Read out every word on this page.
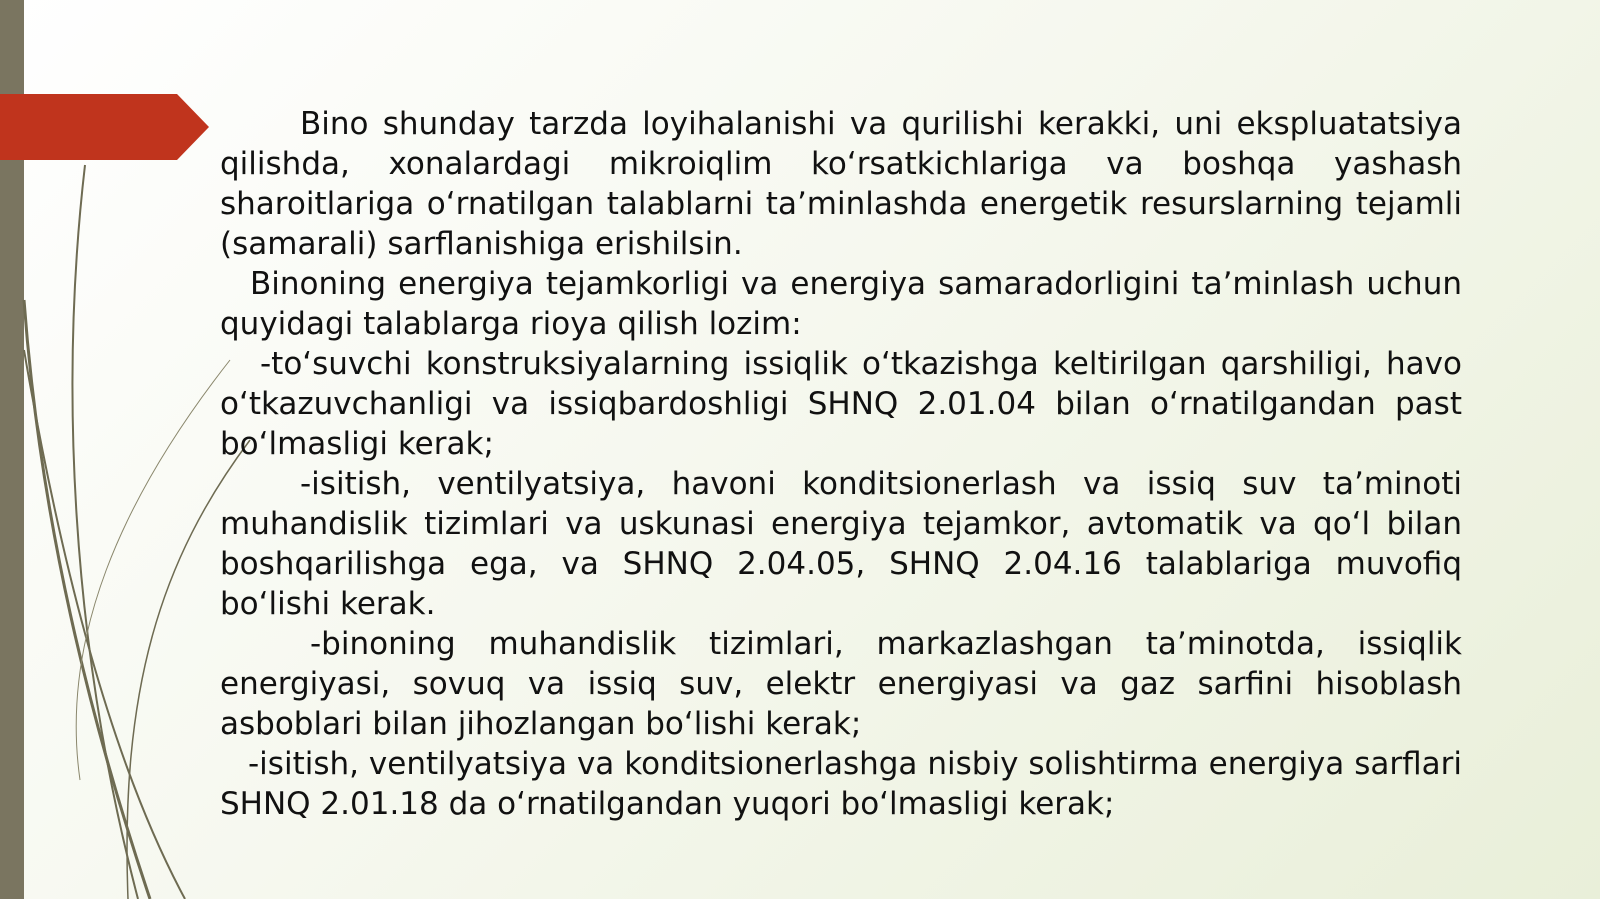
Bino shunday tarzda loyihalanishi va qurilishi kerakki, uni ekspluatatsiya qilishda, xonalardagi mikroiqlim ko‘rsatkichlariga va boshqa yashash sharoitlariga o‘rnatilgan talablarni ta’minlashda energetik resurslarning tejamli (samarali) sarflanishiga erishilsin.

Binoning energiya tejamkorligi va energiya samaradorligini ta’minlash uchun quyidagi talablarga rioya qilish lozim:

-to‘suvchi konstruksiyalarning issiqlik o‘tkazishga keltirilgan qarshiligi, havo o‘tkazuvchanligi va issiqbardoshligi SHNQ 2.01.04 bilan o‘rnatilgandan past bo‘lmasligi kerak;

-isitish, ventilyatsiya, havoni konditsionerlash va issiq suv ta’minoti muhandislik tizimlari va uskunasi energiya tejamkor, avtomatik va qo‘l bilan boshqarilishga ega, va SHNQ 2.04.05, SHNQ 2.04.16 talablariga muvofiq bo‘lishi kerak.

-binoning muhandislik tizimlari, markazlashgan ta’minotda, issiqlik energiyasi, sovuq va issiq suv, elektr energiyasi va gaz sarfini hisoblash asboblari bilan jihozlangan bo‘lishi kerak;

-isitish, ventilyatsiya va konditsionerlashga nisbiy solishtirma energiya sarflari SHNQ 2.01.18 da o‘rnatilgandan yuqori bo‘lmasligi kerak;
